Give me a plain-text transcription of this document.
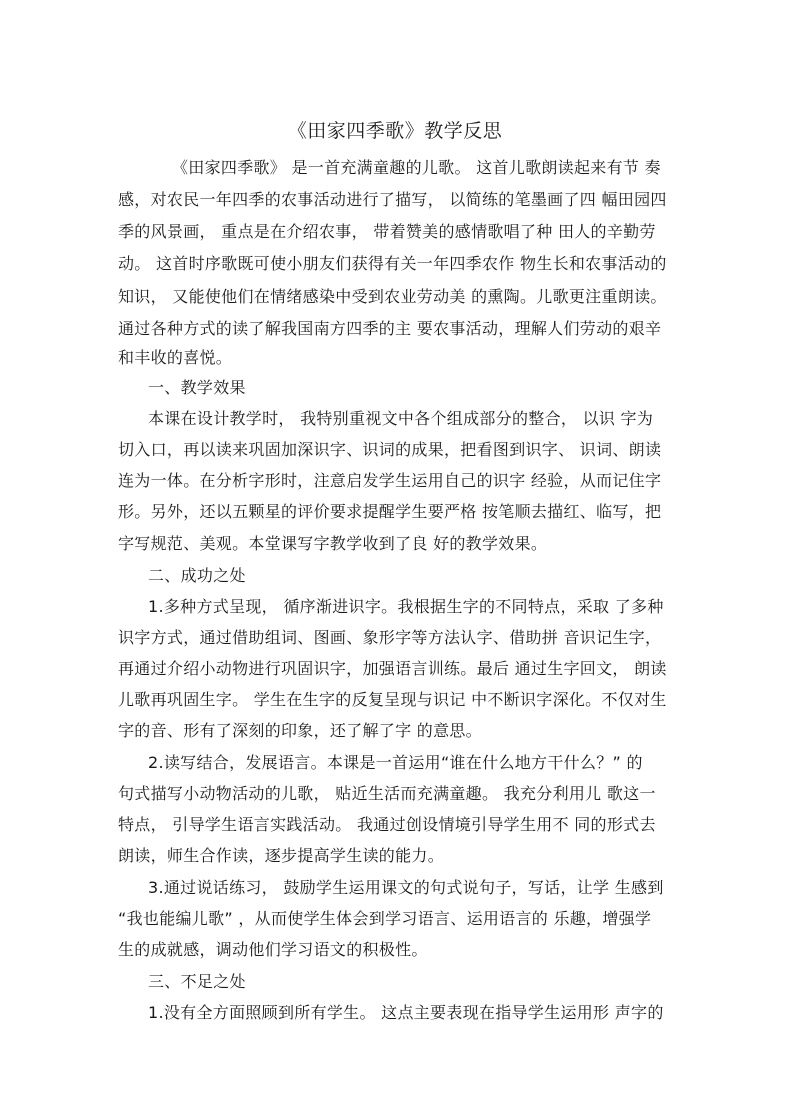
《田家四季歌》教学反思
《田家四季歌》 是一首充满童趣的儿歌。 这首儿歌朗读起来有节 奏
感，对农民一年四季的农事活动进行了描写， 以简练的笔墨画了四 幅田园四
季的风景画， 重点是在介绍农事， 带着赞美的感情歌唱了种 田人的辛勤劳
动。 这首时序歌既可使小朋友们获得有关一年四季农作 物生长和农事活动的
知识， 又能使他们在情绪感染中受到农业劳动美 的熏陶。儿歌更注重朗读。
通过各种方式的读了解我国南方四季的主 要农事活动，理解人们劳动的艰辛
和丰收的喜悦。
一、教学效果
本课在设计教学时， 我特别重视文中各个组成部分的整合， 以识 字为
切入口，再以读来巩固加深识字、识词的成果，把看图到识字、 识词、朗读
连为一体。在分析字形时，注意启发学生运用自己的识字 经验，从而记住字
形。另外，还以五颗星的评价要求提醒学生要严格 按笔顺去描红、临写，把
字写规范、美观。本堂课写字教学收到了良 好的教学效果。
二、成功之处
1.多种方式呈现， 循序渐进识字。我根据生字的不同特点，采取 了多种
识字方式，通过借助组词、图画、象形字等方法认字、借助拼 音识记生字，
再通过介绍小动物进行巩固识字，加强语言训练。最后 通过生字回文， 朗读
儿歌再巩固生字。 学生在生字的反复呈现与识记 中不断识字深化。不仅对生
字的音、形有了深刻的印象，还了解了字 的意思。
2.读写结合，发展语言。本课是一首运用“谁在什么地方干什么？” 的
句式描写小动物活动的儿歌， 贴近生活而充满童趣。 我充分利用儿 歌这一
特点， 引导学生语言实践活动。 我通过创设情境引导学生用不 同的形式去
朗读，师生合作读，逐步提高学生读的能力。
3.通过说话练习， 鼓励学生运用课文的句式说句子，写话，让学 生感到
“我也能编儿歌” ，从而使学生体会到学习语言、运用语言的 乐趣，增强学
生的成就感，调动他们学习语文的积极性。
三、不足之处
1.没有全方面照顾到所有学生。 这点主要表现在指导学生运用形 声字的
